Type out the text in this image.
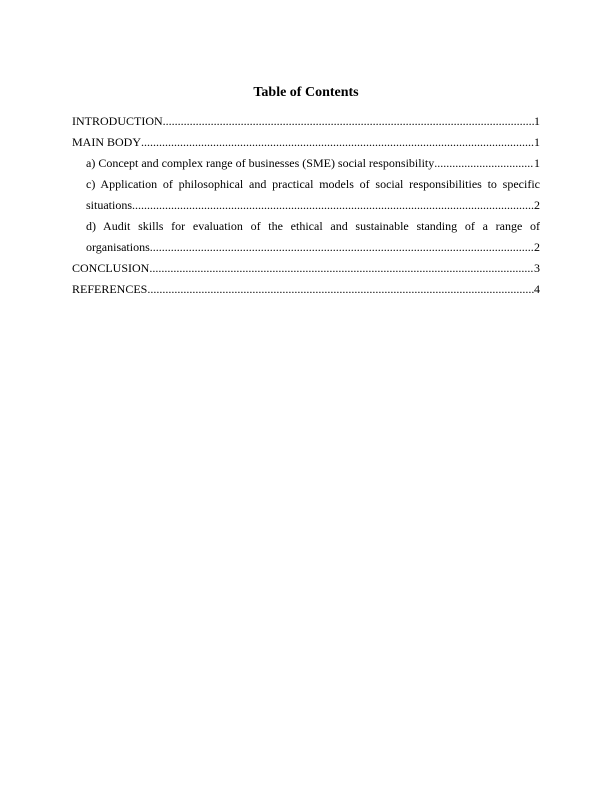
Table of Contents
INTRODUCTION .....	1
MAIN BODY .....	1
a) Concept and complex range of businesses (SME) social responsibility .....	1
c) Application of philosophical and practical models of social responsibilities to specific
situations .....	2
d) Audit skills for evaluation of the ethical and sustainable standing of a range of
organisations .....	2
CONCLUSION .....	3
REFERENCES .....	4
